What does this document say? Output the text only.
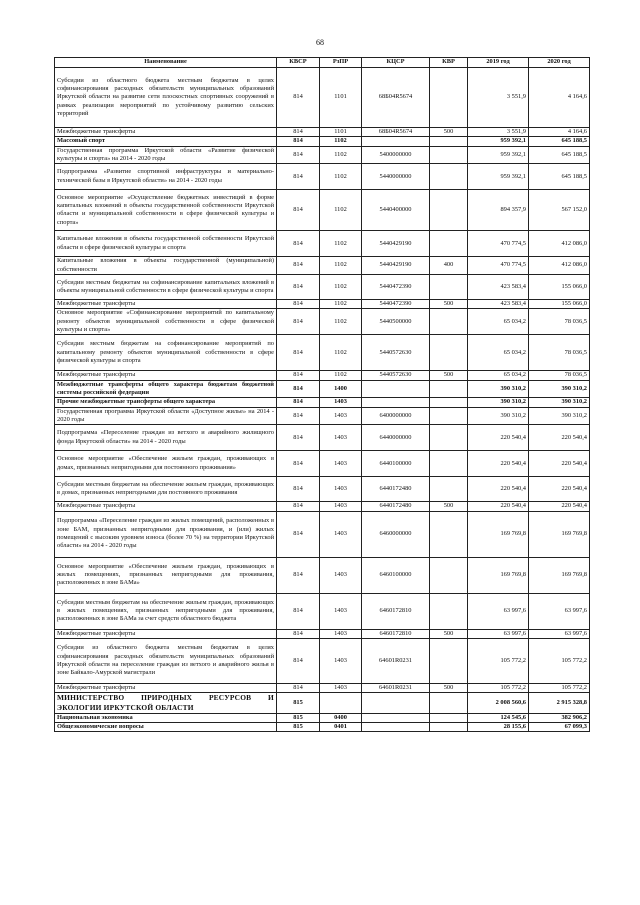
68
Наименование	КВСР	РзПР	КЦСР	КВР	2019 год	2020 год
Субсидии из областного бюджета местным бюджетам в целях софинансирования расходных обязательств муниципальных образований Иркутской области на развитие сети плоскостных спортивных сооружений в рамках реализации мероприятий по устойчивому развитию сельских территорий	814	1101	68Б04R5674		3 551,9	4 164,6
Межбюджетные трансферты	814	1101	68Б04R5674	500	3 551,9	4 164,6
Массовый спорт	814	1102			959 392,1	645 188,5
Государственная программа Иркутской области «Развитие физической культуры и спорта» на 2014 - 2020 годы	814	1102	5400000000		959 392,1	645 188,5
Подпрограмма «Развитие спортивной инфраструктуры и материально- технической базы в Иркутской области» на 2014 - 2020 годы	814	1102	5440000000		959 392,1	645 188,5
Основное мероприятие «Осуществление бюджетных инвестиций в форме капитальных вложений в объекты государственной собственности Иркутской области и муниципальной собственности в сфере физической культуры и спорта»	814	1102	5440400000		894 357,9	567 152,0
Капитальные вложения в объекты государственной собственности Иркутской области в сфере физической культуры и спорта	814	1102	5440429190		470 774,5	412 086,0
Капитальные вложения в объекты государственной (муниципальной) собственности	814	1102	5440429190	400	470 774,5	412 086,0
Субсидии местным бюджетам на софинансирование капитальных вложений в объекты муниципальной собственности в сфере физической культуры и спорта	814	1102	5440472390		423 583,4	155 066,0
Межбюджетные трансферты	814	1102	5440472390	500	423 583,4	155 066,0
Основное мероприятие «Софинансирование мероприятий по капитальному ремонту объектов муниципальной собственности в сфере физической культуры и спорта»	814	1102	5440500000		65 034,2	78 036,5
Субсидии местным бюджетам на софинансирование мероприятий по капитальному ремонту объектов муниципальной собственности в сфере физической культуры и спорта	814	1102	5440572630		65 034,2	78 036,5
Межбюджетные трансферты	814	1102	5440572630	500	65 034,2	78 036,5
Межбюджетные трансферты общего характера бюджетам бюджетной системы российской федерации	814	1400			390 310,2	390 310,2
Прочие межбюджетные трансферты общего характера	814	1403			390 310,2	390 310,2
Государственная программа Иркутской области «Доступное жилье» на 2014 - 2020 годы	814	1403	6400000000		390 310,2	390 310,2
Подпрограмма «Переселение граждан из ветхого и аварийного жилищного фонда Иркутской области» на 2014 - 2020 годы	814	1403	6440000000		220 540,4	220 540,4
Основное мероприятие «Обеспечение жильем граждан, проживающих в домах, признанных непригодными для постоянного проживания»	814	1403	6440100000		220 540,4	220 540,4
Субсидии местным бюджетам на обеспечение жильем граждан, проживающих в домах, признанных непригодными для постоянного проживания	814	1403	6440172480		220 540,4	220 540,4
Межбюджетные трансферты	814	1403	6440172480	500	220 540,4	220 540,4
Подпрограмма «Переселение граждан из жилых помещений, расположенных в зоне БАМ, признанных непригодными для проживания, и (или) жилых помещений с высоким уровнем износа (более 70 %) на территории Иркутской области» на 2014 - 2020 годы	814	1403	6460000000		169 769,8	169 769,8
Основное мероприятие «Обеспечение жильем граждан, проживающих в жилых помещениях, признанных непригодными для проживания, расположенных в зоне БАМа»	814	1403	6460100000		169 769,8	169 769,8
Субсидии местным бюджетам на обеспечение жильем граждан, проживающих в жилых помещениях, признанных непригодными для проживания, расположенных в зоне БАМа за счет средств областного бюджета	814	1403	6460172810		63 997,6	63 997,6
Межбюджетные трансферты	814	1403	6460172810	500	63 997,6	63 997,6
Субсидии из областного бюджета местным бюджетам в целях софинансирования расходных обязательств муниципальных образований Иркутской области на переселение граждан из ветхого и аварийного жилья в зоне Байкало-Амурской магистрали	814	1403	64601R0231		105 772,2	105 772,2
Межбюджетные трансферты	814	1403	64601R0231	500	105 772,2	105 772,2
МИНИСТЕРСТВО ПРИРОДНЫХ РЕСУРСОВ И ЭКОЛОГИИ ИРКУТСКОЙ ОБЛАСТИ	815				2 008 560,6	2 915 328,8
Национальная экономика	815	0400			124 545,6	382 906,2
Общеэкономические вопросы	815	0401			28 155,6	67 099,3
